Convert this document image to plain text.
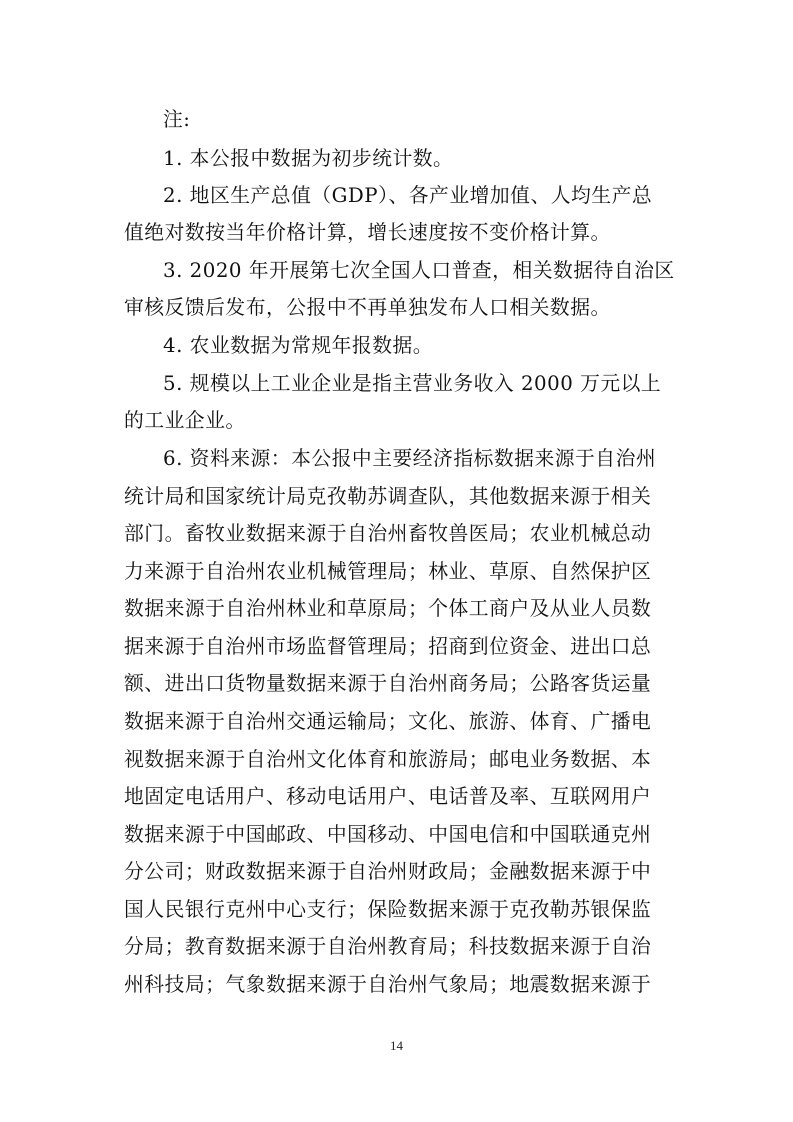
注:
1. 本公报中数据为初步统计数。
2. 地区生产总值（GDP）、各产业增加值、人均生产总
值绝对数按当年价格计算，增长速度按不变价格计算。
3. 2020 年开展第七次全国人口普查，相关数据待自治区
审核反馈后发布，公报中不再单独发布人口相关数据。
4. 农业数据为常规年报数据。
5. 规模以上工业企业是指主营业务收入 2000 万元以上
的工业企业。
6. 资料来源：本公报中主要经济指标数据来源于自治州
统计局和国家统计局克孜勒苏调查队，其他数据来源于相关
部门。畜牧业数据来源于自治州畜牧兽医局；农业机械总动
力来源于自治州农业机械管理局；林业、草原、自然保护区
数据来源于自治州林业和草原局；个体工商户及从业人员数
据来源于自治州市场监督管理局；招商到位资金、进出口总
额、进出口货物量数据来源于自治州商务局；公路客货运量
数据来源于自治州交通运输局；文化、旅游、体育、广播电
视数据来源于自治州文化体育和旅游局；邮电业务数据、本
地固定电话用户、移动电话用户、电话普及率、互联网用户
数据来源于中国邮政、中国移动、中国电信和中国联通克州
分公司；财政数据来源于自治州财政局；金融数据来源于中
国人民银行克州中心支行；保险数据来源于克孜勒苏银保监
分局；教育数据来源于自治州教育局；科技数据来源于自治
州科技局；气象数据来源于自治州气象局；地震数据来源于
14
